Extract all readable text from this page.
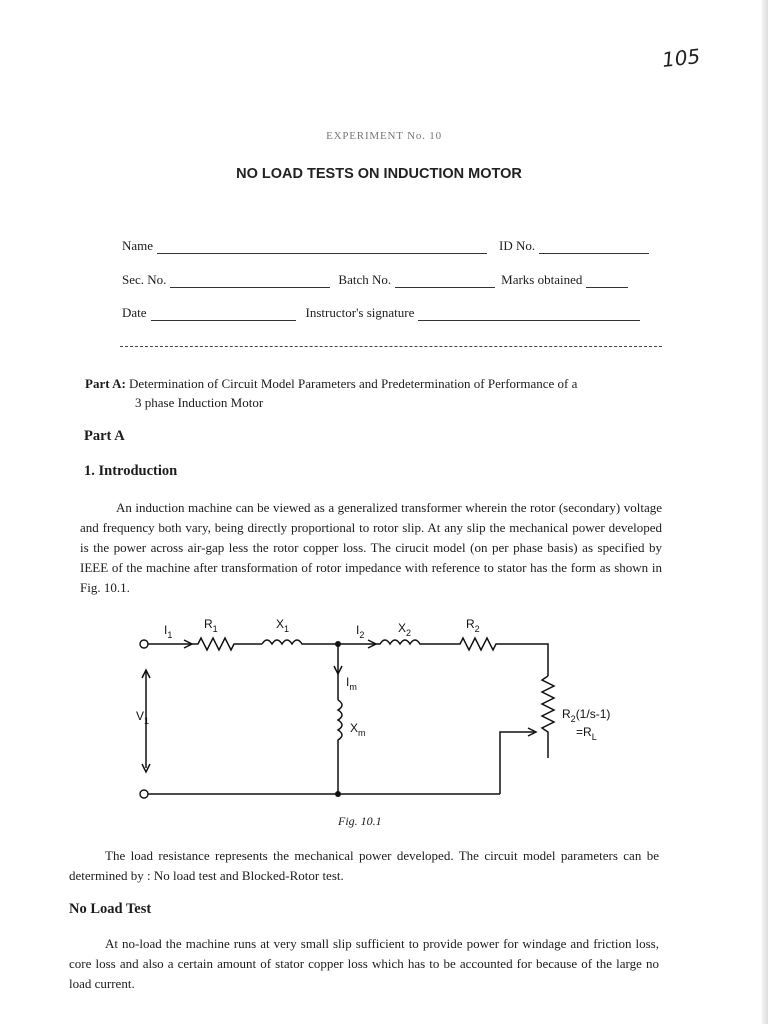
105
EXPERIMENT No. 10
NO LOAD TESTS ON INDUCTION MOTOR
Name	ID No.
Sec. No.	Batch No.	Marks obtained
Date	Instructor's signature
Part A: Determination of Circuit Model Parameters and Predetermination of Performance of a
3 phase Induction Motor
Part A
1. Introduction
An induction machine can be viewed as a generalized transformer wherein the rotor (secondary) voltage and frequency both vary, being directly proportional to rotor slip. At any slip the mechanical power developed is the power across air-gap less the rotor copper loss. The cirucit model (on per phase basis) as specified by IEEE of the machine after transformation of rotor impedance with reference to stator has the form as shown in Fig. 10.1.
$I_1$
$R_1$	$X_1$	$I_2$	$X_2$
$R_2$
$I_m$
$X_m$
$V_1$	$R_2(1/s-1)$
$=R_L$
Fig. 10.1
The load resistance represents the mechanical power developed. The circuit model parameters can be determined by : No load test and Blocked-Rotor test.
No Load Test
At no-load the machine runs at very small slip sufficient to provide power for windage and friction loss, core loss and also a certain amount of stator copper loss which has to be accounted for because of the large no load current.
